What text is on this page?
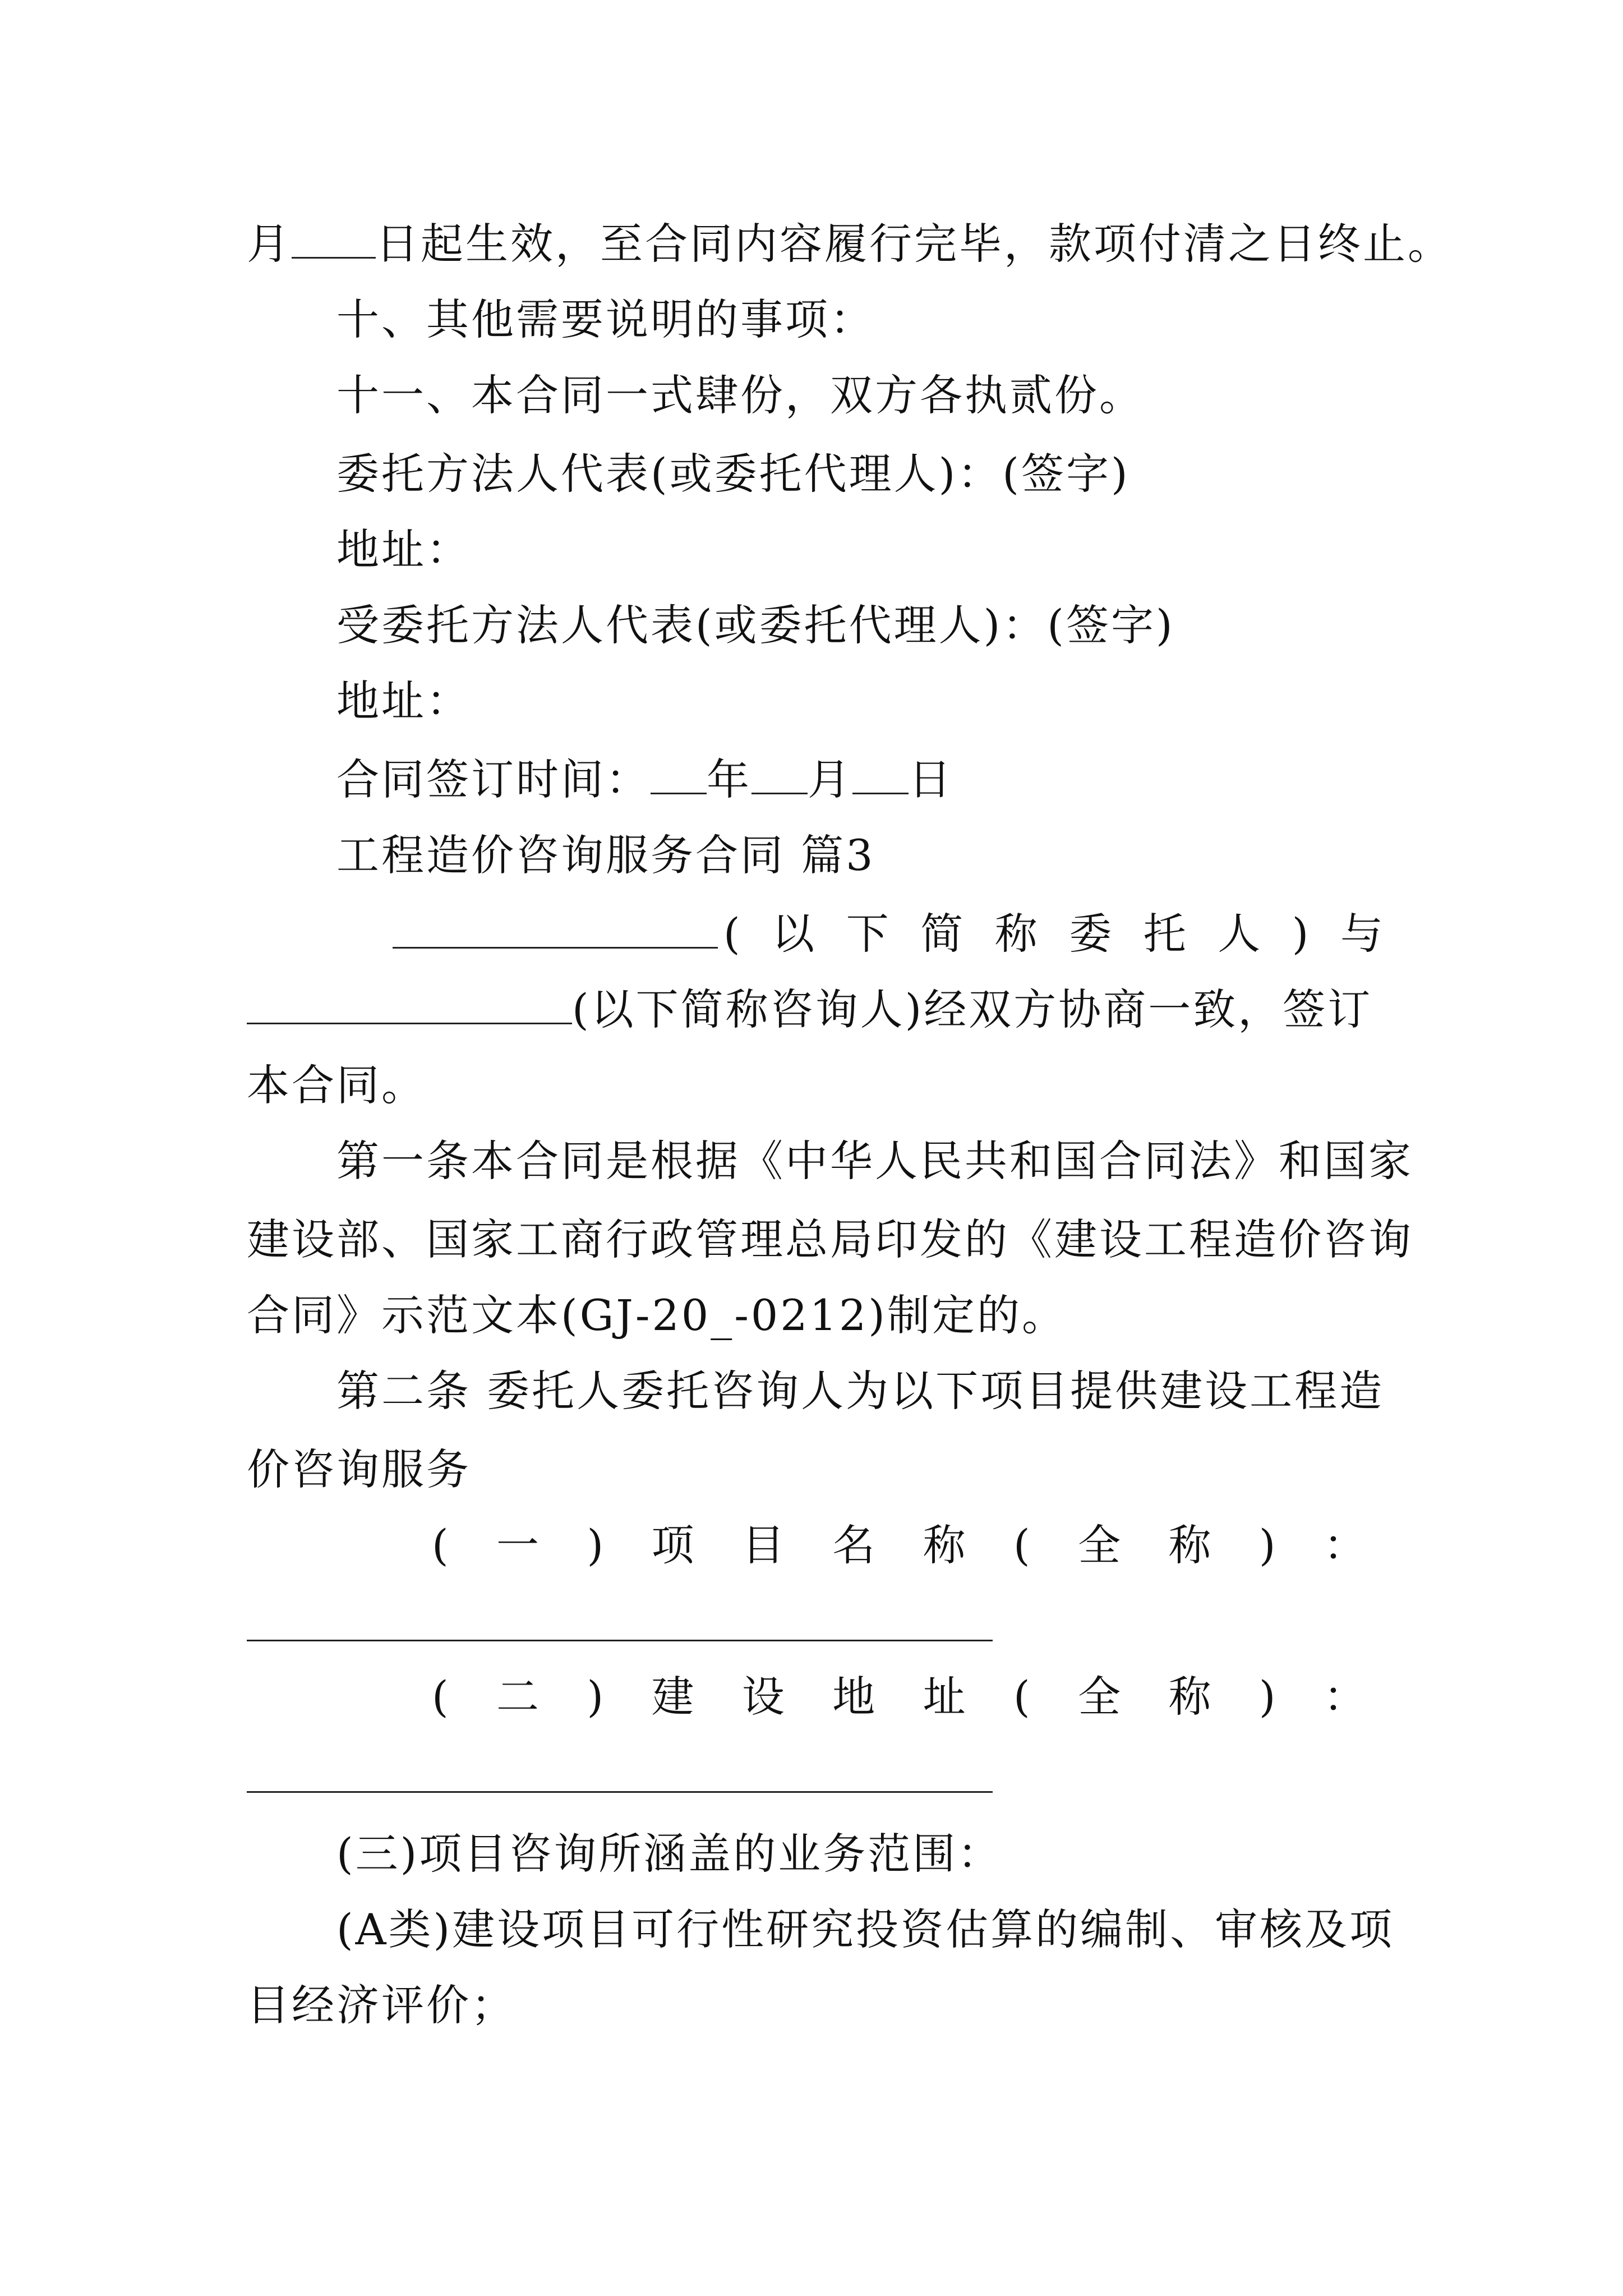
月 日起生效，至合同内容履行完毕，款项付清之日终止。
十、其他需要说明的事项：
十一、本合同一式肆份，双方各执贰份。
委托方法人代表(或委托代理人)：(签字)
地址：
受委托方法人代表(或委托代理人)：(签字)
地址：
合同签订时间： 年 月 日
工程造价咨询服务合同 篇3
( 以 下 简 称 委 托 人 ) 与
(以下简称咨询人)经双方协商一致，签订
本合同。
第一条本合同是根据《中华人民共和国合同法》和国家
建设部、国家工商行政管理总局印发的《建设工程造价咨询
合同》示范文本(GJ-20_-0212)制定的。
第二条 委托人委托咨询人为以下项目提供建设工程造
价咨询服务
( 一 ) 项 目 名 称 ( 全 称 ) ：
( 二 ) 建 设 地 址 ( 全 称 ) ：
(三)项目咨询所涵盖的业务范围：
(A类)建设项目可行性研究投资估算的编制、审核及项
目经济评价；
